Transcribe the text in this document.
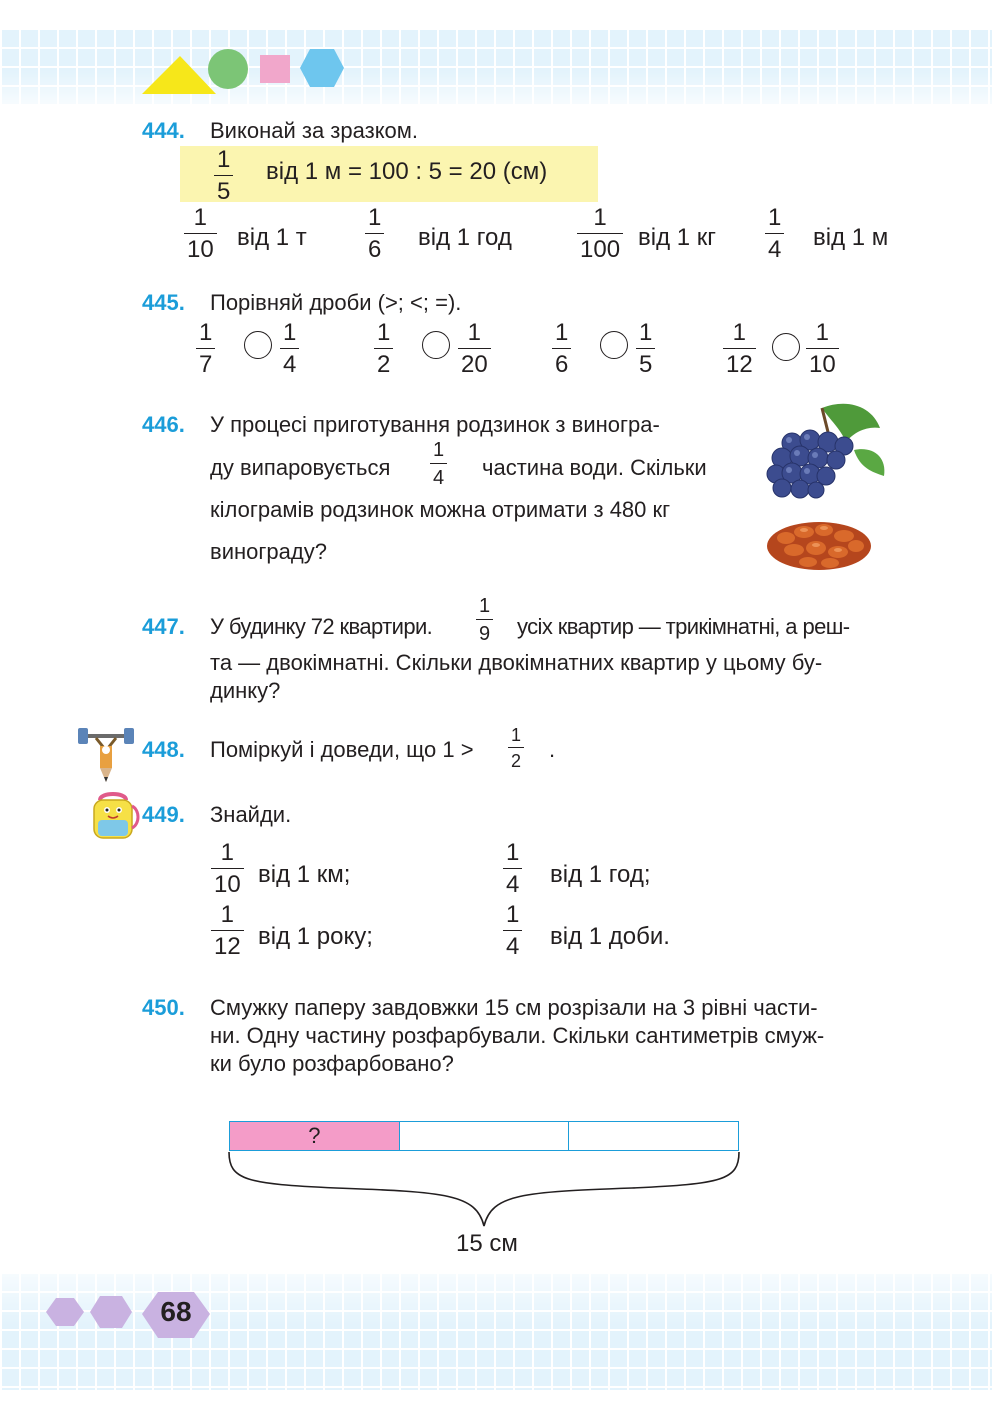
444. Виконай за зразком.
$\frac{1}{5}$ від 1 м = 100 : 5 = 20 (см)
$\frac{1}{10}$ від 1 т $\frac{1}{6}$ від 1 год	$\frac{1}{100}$ від 1 кг $\frac{1}{4}$ від 1 м
445. Порівняй дроби (>; <; =).
$\frac{1}{7}$	$\frac{1}{4}$	$\frac{1}{2}$	$\frac{1}{20}$	$\frac{1}{6}$	$\frac{1}{5}$	$\frac{1}{12} \frac{1}{10}$
446. У процесі приготування родзинок з виногра-
ду випаровується $\frac{1}{4}$ частина води. Скільки
кілограмів родзинок можна отримати з 480 кг
винограду?
447. У будинку 72 квартири. $\frac{1}{9}$ усіх квартир — трикімнатні, а реш-
та — двокімнатні. Скільки двокімнатних квартир у цьому бу-
динку?
448. Поміркуй і доведи, що $1 > \frac{1}{2}$ .
449. Знайди.
$\frac{1}{10}$ від 1 км;	$\frac{1}{4}$ від 1 год;
$\frac{1}{12}$ від 1 року;	$\frac{1}{4}$ від 1 доби.
450. Смужку паперу завдовжки 15 см розрізали на 3 рівні части-
ни. Одну частину розфарбували. Скільки сантиметрів смуж-
ки було розфарбовано?
?
15 см
68
